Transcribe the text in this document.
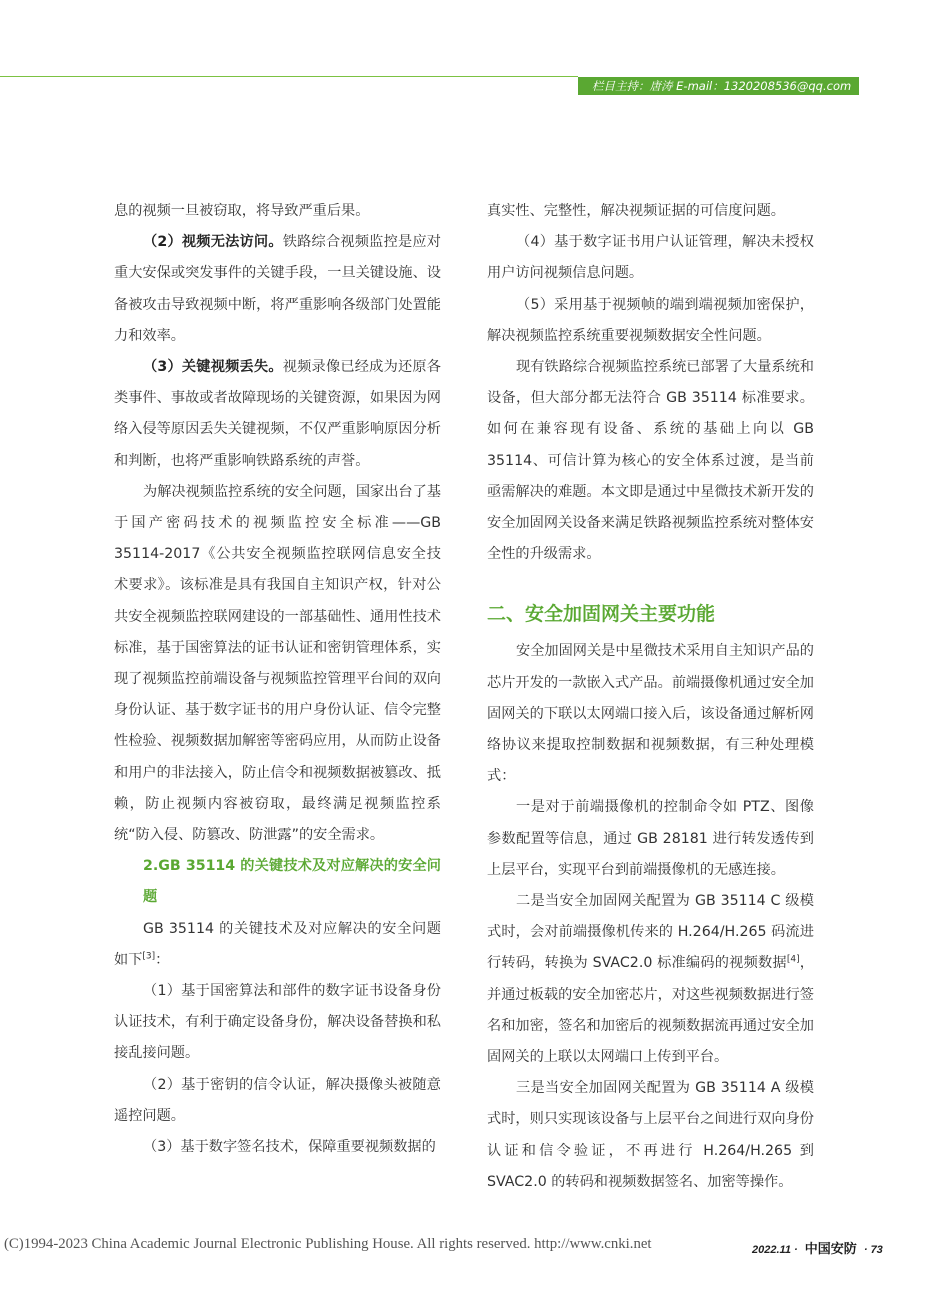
栏目主持：唐涛 E-mail：1320208536@qq.com

息的视频一旦被窃取，将导致严重后果。

（2）视频无法访问。铁路综合视频监控是应对重大安保或突发事件的关键手段，一旦关键设施、设备被攻击导致视频中断，将严重影响各级部门处置能力和效率。

（3）关键视频丢失。视频录像已经成为还原各类事件、事故或者故障现场的关键资源，如果因为网络入侵等原因丢失关键视频，不仅严重影响原因分析和判断，也将严重影响铁路系统的声誉。

为解决视频监控系统的安全问题，国家出台了基于国产密码技术的视频监控安全标准——GB 35114-2017《公共安全视频监控联网信息安全技术要求》。该标准是具有我国自主知识产权，针对公共安全视频监控联网建设的一部基础性、通用性技术标准，基于国密算法的证书认证和密钥管理体系，实现了视频监控前端设备与视频监控管理平台间的双向身份认证、基于数字证书的用户身份认证、信令完整性检验、视频数据加解密等密码应用，从而防止设备和用户的非法接入，防止信令和视频数据被篡改、抵赖，防止视频内容被窃取，最终满足视频监控系统“防入侵、防篡改、防泄露”的安全需求。

2.GB 35114 的关键技术及对应解决的安全问题

GB 35114 的关键技术及对应解决的安全问题如下[3]：

（1）基于国密算法和部件的数字证书设备身份认证技术，有利于确定设备身份，解决设备替换和私接乱接问题。

（2）基于密钥的信令认证，解决摄像头被随意遥控问题。

（3）基于数字签名技术，保障重要视频数据的

真实性、完整性，解决视频证据的可信度问题。

（4）基于数字证书用户认证管理，解决未授权用户访问视频信息问题。

（5）采用基于视频帧的端到端视频加密保护，解决视频监控系统重要视频数据安全性问题。

现有铁路综合视频监控系统已部署了大量系统和设备，但大部分都无法符合 GB 35114 标准要求。如何在兼容现有设备、系统的基础上向以 GB 35114、可信计算为核心的安全体系过渡，是当前亟需解决的难题。本文即是通过中星微技术新开发的安全加固网关设备来满足铁路视频监控系统对整体安全性的升级需求。

二、安全加固网关主要功能

安全加固网关是中星微技术采用自主知识产品的芯片开发的一款嵌入式产品。前端摄像机通过安全加固网关的下联以太网端口接入后，该设备通过解析网络协议来提取控制数据和视频数据，有三种处理模式：

一是对于前端摄像机的控制命令如 PTZ、图像参数配置等信息，通过 GB 28181 进行转发透传到上层平台，实现平台到前端摄像机的无感连接。

二是当安全加固网关配置为 GB 35114 C 级模式时，会对前端摄像机传来的 H.264/H.265 码流进行转码，转换为 SVAC2.0 标准编码的视频数据[4]，并通过板载的安全加密芯片，对这些视频数据进行签名和加密，签名和加密后的视频数据流再通过安全加固网关的上联以太网端口上传到平台。

三是当安全加固网关配置为 GB 35114 A 级模式时，则只实现该设备与上层平台之间进行双向身份认证和信令验证，不再进行 H.264/H.265 到 SVAC2.0 的转码和视频数据签名、加密等操作。

(C)1994-2023 China Academic Journal Electronic Publishing House. All rights reserved. http://www.cnki.net	2022.11 · 中国安防 · 73
